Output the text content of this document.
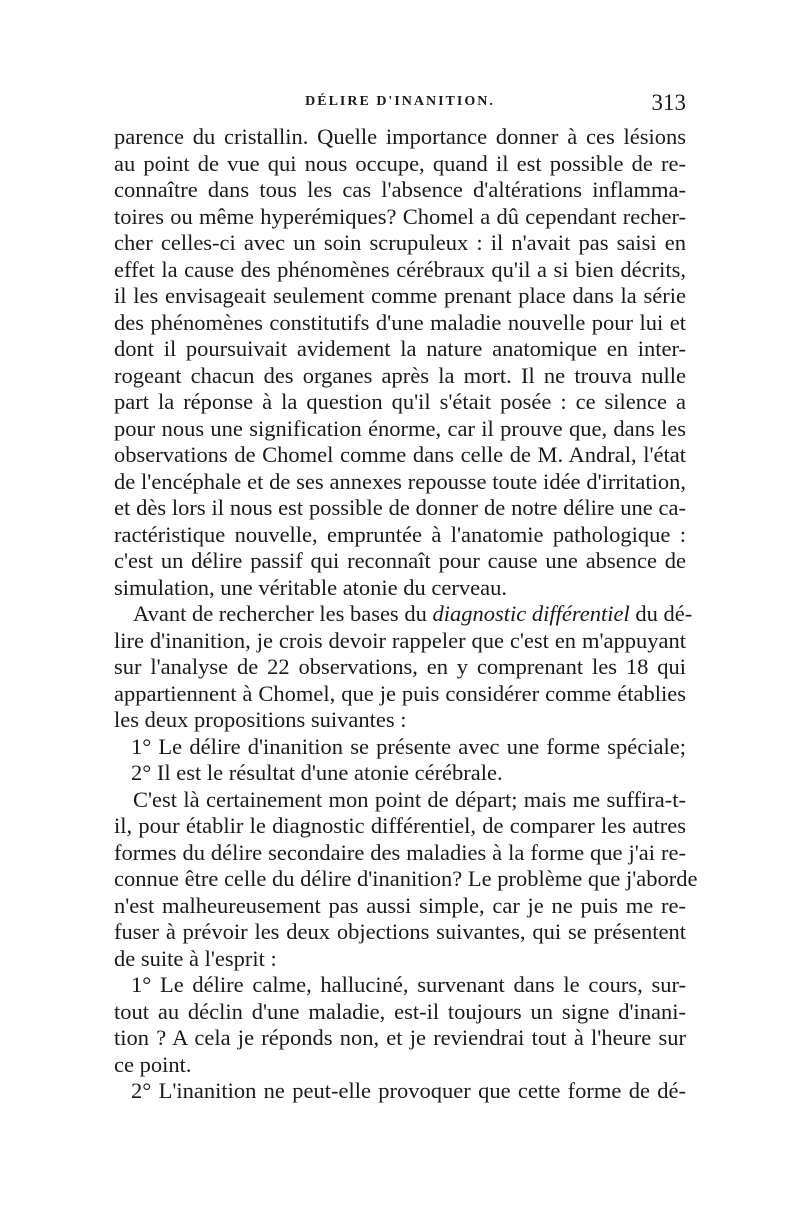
DÉLIRE D'INANITION.	313
parence du cristallin. Quelle importance donner à ces lésions
au point de vue qui nous occupe, quand il est possible de re-
connaître dans tous les cas l'absence d'altérations inflamma-
toires ou même hyperémiques? Chomel a dû cependant recher-
cher celles-ci avec un soin scrupuleux : il n'avait pas saisi en
effet la cause des phénomènes cérébraux qu'il a si bien décrits,
il les envisageait seulement comme prenant place dans la série
des phénomènes constitutifs d'une maladie nouvelle pour lui et
dont il poursuivait avidement la nature anatomique en inter-
rogeant chacun des organes après la mort. Il ne trouva nulle
part la réponse à la question qu'il s'était posée : ce silence a
pour nous une signification énorme, car il prouve que, dans les
observations de Chomel comme dans celle de M. Andral, l'état
de l'encéphale et de ses annexes repousse toute idée d'irritation,
et dès lors il nous est possible de donner de notre délire une ca-
ractéristique nouvelle, empruntée à l'anatomie pathologique :
c'est un délire passif qui reconnaît pour cause une absence de
simulation, une véritable atonie du cerveau.
Avant de rechercher les bases du diagnostic différentiel du dé-
lire d'inanition, je crois devoir rappeler que c'est en m'appuyant
sur l'analyse de 22 observations, en y comprenant les 18 qui
appartiennent à Chomel, que je puis considérer comme établies
les deux propositions suivantes :
1° Le délire d'inanition se présente avec une forme spéciale;
2° Il est le résultat d'une atonie cérébrale.
C'est là certainement mon point de départ; mais me suffira-t-
il, pour établir le diagnostic différentiel, de comparer les autres
formes du délire secondaire des maladies à la forme que j'ai re-
connue être celle du délire d'inanition? Le problème que j'aborde
n'est malheureusement pas aussi simple, car je ne puis me re-
fuser à prévoir les deux objections suivantes, qui se présentent
de suite à l'esprit :
1° Le délire calme, halluciné, survenant dans le cours, sur-
tout au déclin d'une maladie, est-il toujours un signe d'inani-
tion ? A cela je réponds non, et je reviendrai tout à l'heure sur
ce point.
2° L'inanition ne peut-elle provoquer que cette forme de dé-
